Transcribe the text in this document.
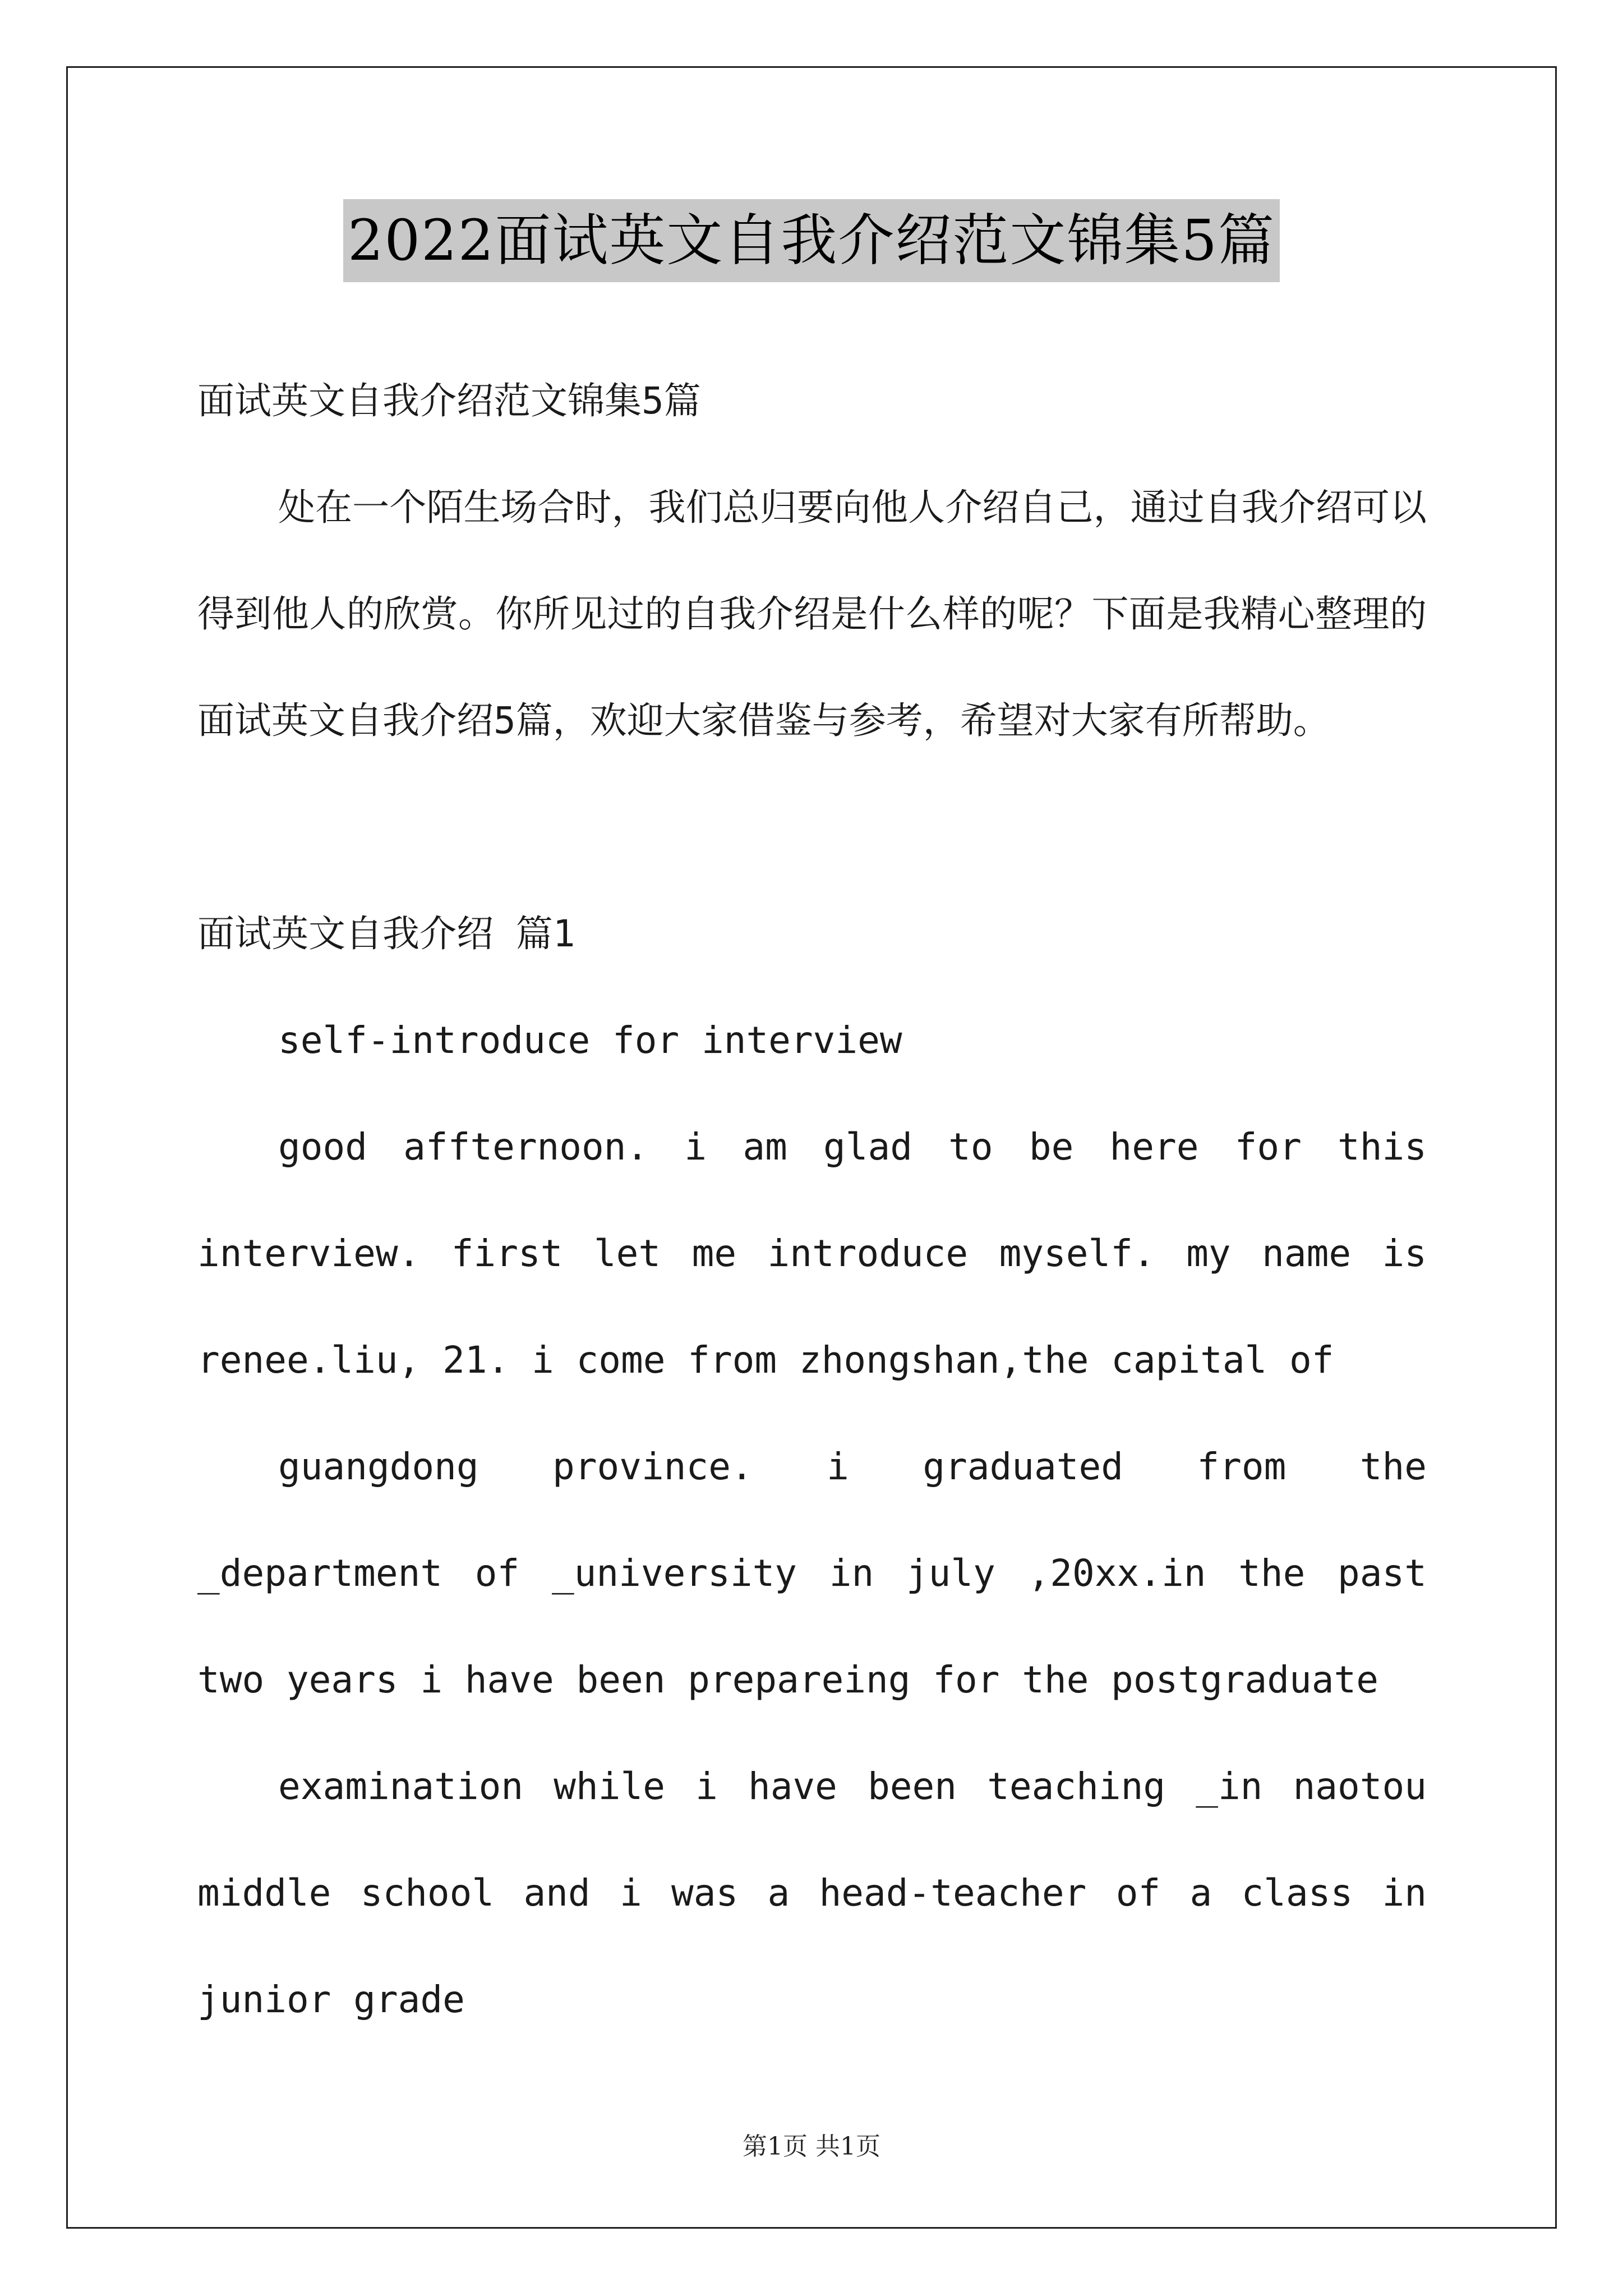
2022面试英文自我介绍范文锦集5篇

面试英文自我介绍范文锦集5篇

处在一个陌生场合时，我们总归要向他人介绍自己，通过自我介绍可以得到他人的欣赏。你所见过的自我介绍是什么样的呢？下面是我精心整理的面试英文自我介绍5篇，欢迎大家借鉴与参考，希望对大家有所帮助。

面试英文自我介绍 篇1

self-introduce for interview

good affternoon. i am glad to be here for this interview. first let me introduce myself. my name is renee.liu, 21. i come from zhongshan,the capital of

guangdong province. i graduated from the _department of _university in july ,20xx.in the past two years i have been prepareing for the postgraduate

examination while i have been teaching _in naotou middle school and i was a head-teacher of a class in junior grade

第1页 共1页
